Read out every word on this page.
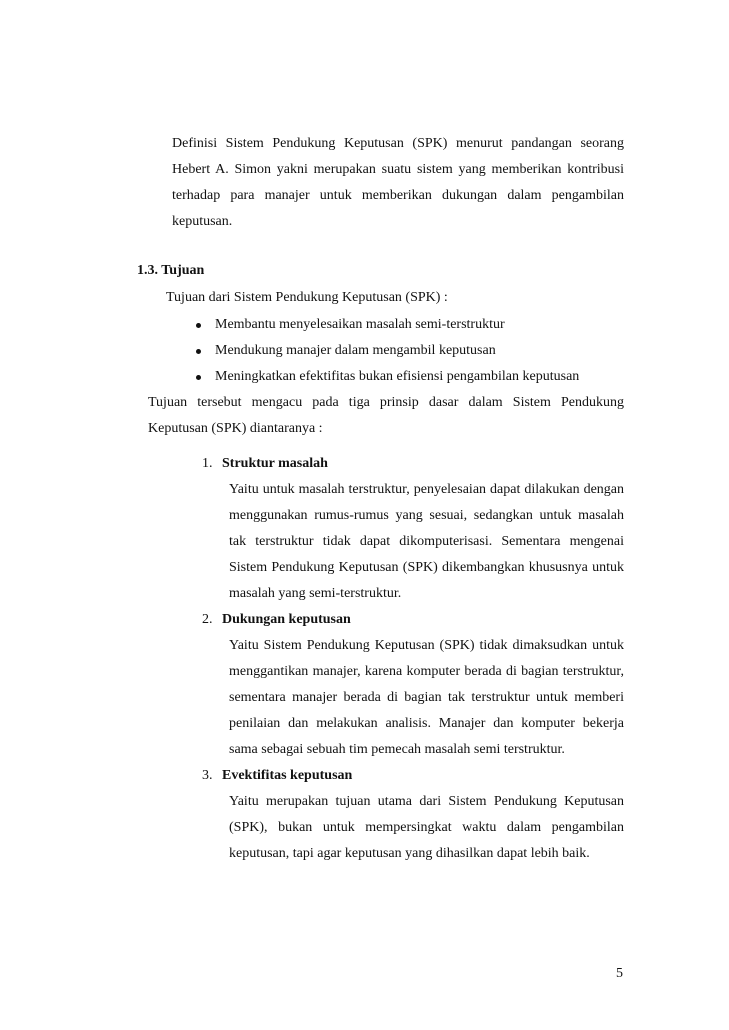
Definisi Sistem Pendukung Keputusan (SPK) menurut pandangan seorang Hebert A. Simon yakni merupakan suatu sistem yang memberikan kontribusi terhadap para manajer untuk memberikan dukungan dalam pengambilan keputusan.

1.3. Tujuan

Tujuan dari Sistem Pendukung Keputusan (SPK) :

Membantu menyelesaikan masalah semi-terstruktur
Mendukung manajer dalam mengambil keputusan
Meningkatkan efektifitas bukan efisiensi pengambilan keputusan

Tujuan tersebut mengacu pada tiga prinsip dasar dalam Sistem Pendukung Keputusan (SPK) diantaranya :

1. Struktur masalah

Yaitu untuk masalah terstruktur, penyelesaian dapat dilakukan dengan menggunakan rumus-rumus yang sesuai, sedangkan untuk masalah tak terstruktur tidak dapat dikomputerisasi. Sementara mengenai Sistem Pendukung Keputusan (SPK) dikembangkan khususnya untuk masalah yang semi-terstruktur.

2. Dukungan keputusan

Yaitu Sistem Pendukung Keputusan (SPK) tidak dimaksudkan untuk menggantikan manajer, karena komputer berada di bagian terstruktur, sementara manajer berada di bagian tak terstruktur untuk memberi penilaian dan melakukan analisis. Manajer dan komputer bekerja sama sebagai sebuah tim pemecah masalah semi terstruktur.

3. Evektifitas keputusan

Yaitu merupakan tujuan utama dari Sistem Pendukung Keputusan (SPK), bukan untuk mempersingkat waktu dalam pengambilan keputusan, tapi agar keputusan yang dihasilkan dapat lebih baik.

5
